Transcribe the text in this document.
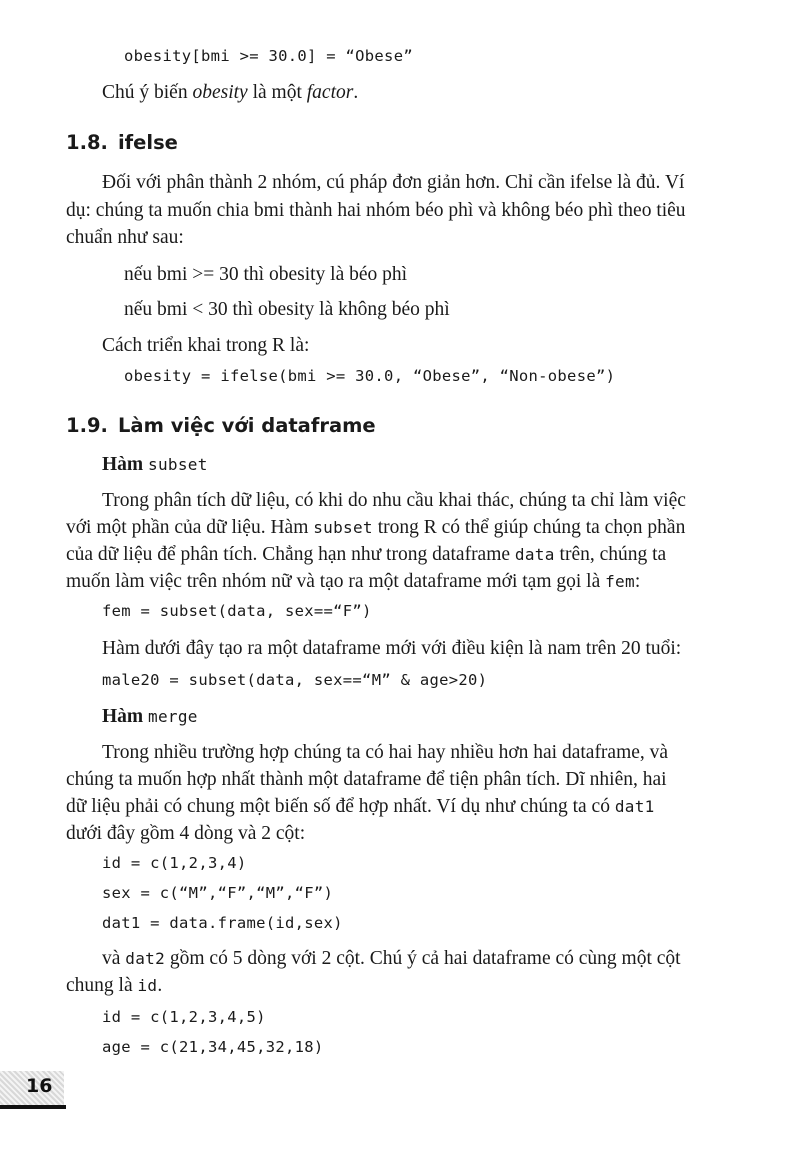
obesity[bmi >= 30.0] = “Obese”
Chú ý biến obesity là một factor.
1.8. ifelse
Đối với phân thành 2 nhóm, cú pháp đơn giản hơn. Chỉ cần ifelse là đủ. Ví
dụ: chúng ta muốn chia bmi thành hai nhóm béo phì và không béo phì theo tiêu
chuẩn như sau:
nếu bmi >= 30 thì obesity là béo phì
nếu bmi < 30 thì obesity là không béo phì
Cách triển khai trong R là:
obesity = ifelse(bmi >= 30.0, “Obese”, “Non-obese”)
1.9. Làm việc với dataframe
Hàm subset
Trong phân tích dữ liệu, có khi do nhu cầu khai thác, chúng ta chỉ làm việc
với một phần của dữ liệu. Hàm subset trong R có thể giúp chúng ta chọn phần
của dữ liệu để phân tích. Chẳng hạn như trong dataframe data trên, chúng ta
muốn làm việc trên nhóm nữ và tạo ra một dataframe mới tạm gọi là fem:
fem = subset(data, sex==“F”)
Hàm dưới đây tạo ra một dataframe mới với điều kiện là nam trên 20 tuổi:
male20 = subset(data, sex==“M” & age>20)
Hàm merge
Trong nhiều trường hợp chúng ta có hai hay nhiều hơn hai dataframe, và
chúng ta muốn hợp nhất thành một dataframe để tiện phân tích. Dĩ nhiên, hai
dữ liệu phải có chung một biến số để hợp nhất. Ví dụ như chúng ta có dat1
dưới đây gồm 4 dòng và 2 cột:
id = c(1,2,3,4)
sex = c(“M”,“F”,“M”,“F”)
dat1 = data.frame(id,sex)
và dat2 gồm có 5 dòng với 2 cột. Chú ý cả hai dataframe có cùng một cột
chung là id.
id = c(1,2,3,4,5)
age = c(21,34,45,32,18)
16
